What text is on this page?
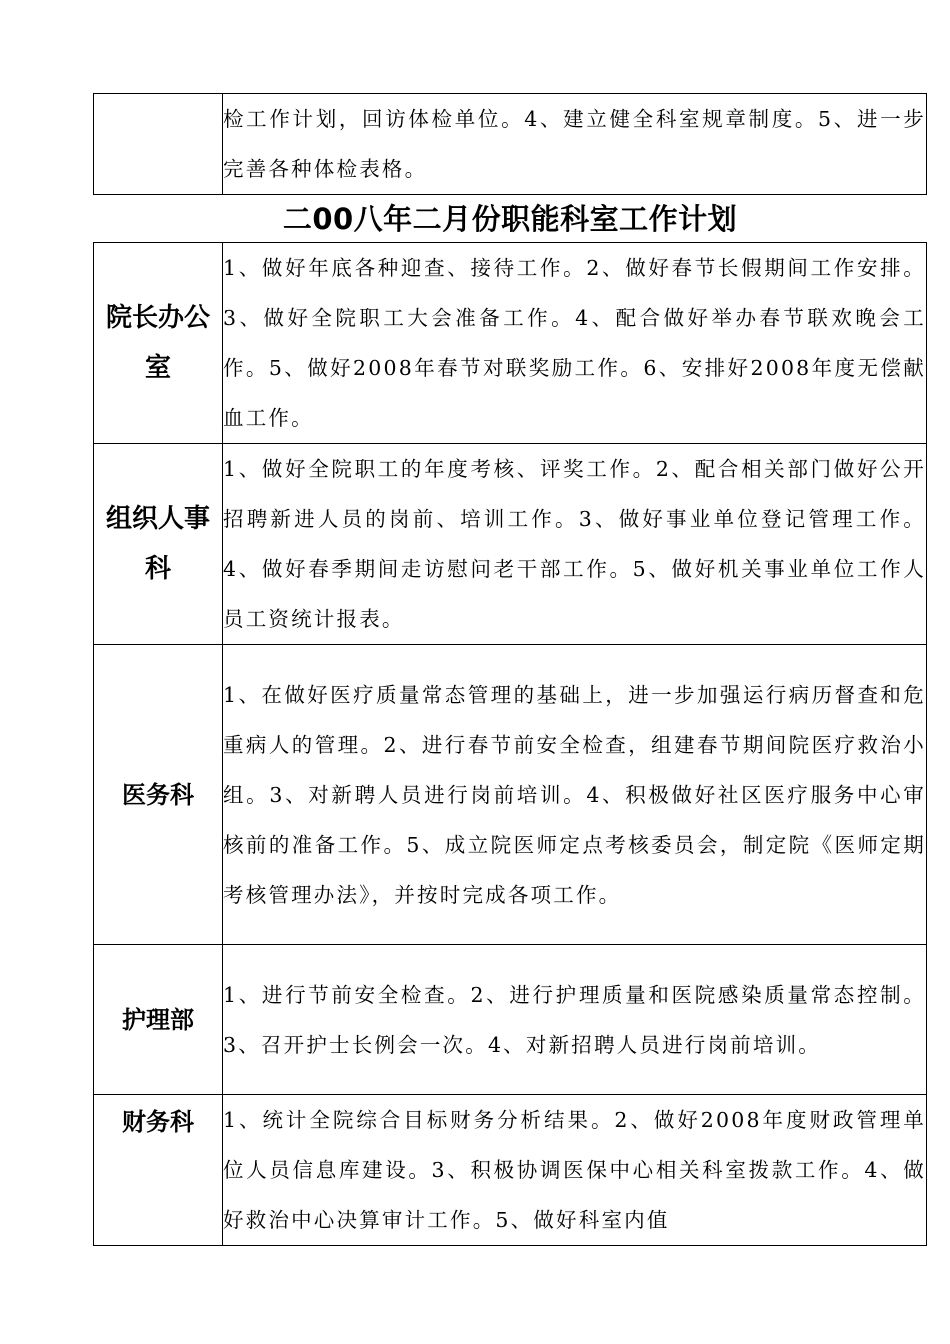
	检工作计划，回访体检单位。4、建立健全科室规章制度。5、进一步完善各种体检表格。
二00八年二月份职能科室工作计划
院长办公室	1、做好年底各种迎查、接待工作。2、做好春节长假期间工作安排。3、做好全院职工大会准备工作。4、配合做好举办春节联欢晚会工作。5、做好2008年春节对联奖励工作。6、安排好2008年度无偿献血工作。

组织人事科	1、做好全院职工的年度考核、评奖工作。2、配合相关部门做好公开招聘新进人员的岗前、培训工作。3、做好事业单位登记管理工作。4、做好春季期间走访慰问老干部工作。5、做好机关事业单位工作人员工资统计报表。

医务科	1、在做好医疗质量常态管理的基础上，进一步加强运行病历督查和危重病人的管理。2、进行春节前安全检查，组建春节期间院医疗救治小组。3、对新聘人员进行岗前培训。4、积极做好社区医疗服务中心审核前的准备工作。5、成立院医师定点考核委员会，制定院《医师定期考核管理办法》，并按时完成各项工作。

护理部	1、进行节前安全检查。2、进行护理质量和医院感染质量常态控制。3、召开护士长例会一次。4、对新招聘人员进行岗前培训。

财务科	1、统计全院综合目标财务分析结果。2、做好2008年度财政管理单位人员信息库建设。3、积极协调医保中心相关科室拨款工作。4、做好救治中心决算审计工作。5、做好科室内值
